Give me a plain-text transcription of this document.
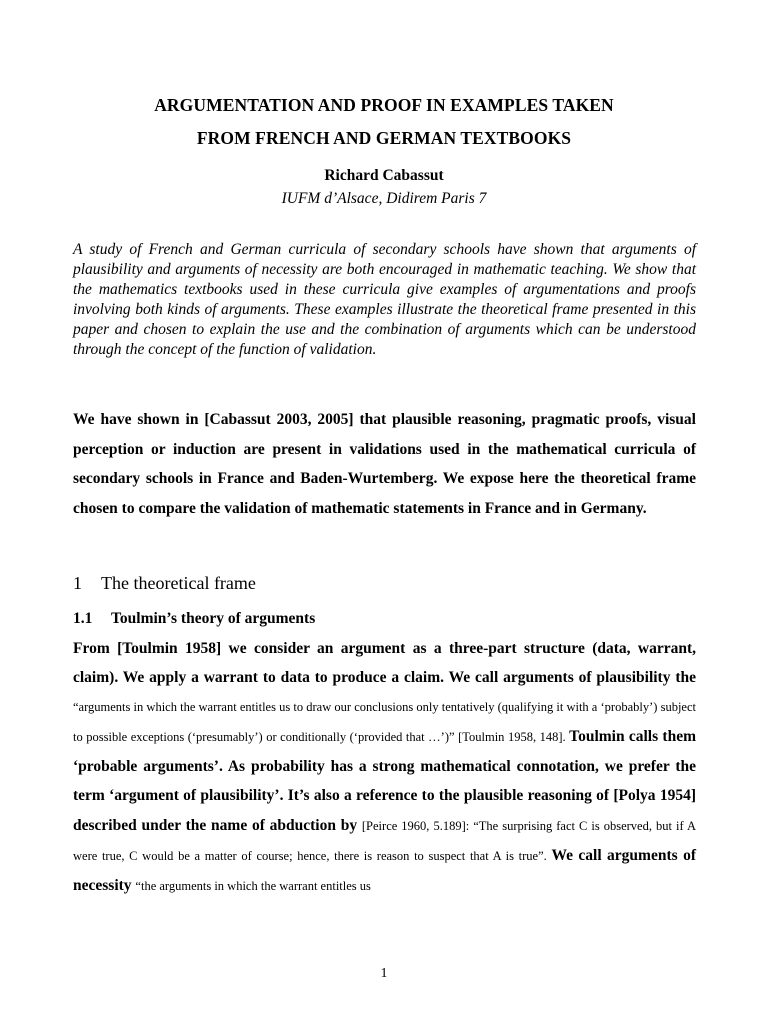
ARGUMENTATION AND PROOF IN EXAMPLES TAKEN
FROM FRENCH AND GERMAN TEXTBOOKS
Richard Cabassut
IUFM d’Alsace, Didirem Paris 7
A study of French and German curricula of secondary schools have shown that arguments of plausibility and arguments of necessity are both encouraged in mathematic teaching. We show that the mathematics textbooks used in these curricula give examples of argumentations and proofs involving both kinds of arguments. These examples illustrate the theoretical frame presented in this paper and chosen to explain the use and the combination of arguments which can be understood through the concept of the function of validation.
We have shown in [Cabassut 2003, 2005] that plausible reasoning, pragmatic proofs, visual perception or induction are present in validations used in the mathematical curricula of secondary schools in France and Baden-Wurtemberg. We expose here the theoretical frame chosen to compare the validation of mathematic statements in France and in Germany.
1 The theoretical frame
1.1 Toulmin’s theory of arguments
From [Toulmin 1958] we consider an argument as a three-part structure (data, warrant, claim). We apply a warrant to data to produce a claim. We call arguments of plausibility the “arguments in which the warrant entitles us to draw our conclusions only tentatively (qualifying it with a ‘probably’) subject to possible exceptions (‘presumably’) or conditionally (‘provided that …’)” [Toulmin 1958, 148]. Toulmin calls them ‘probable arguments’. As probability has a strong mathematical connotation, we prefer the term ‘argument of plausibility’. It’s also a reference to the plausible reasoning of [Polya 1954] described under the name of abduction by [Peirce 1960, 5.189]: “The surprising fact C is observed, but if A were true, C would be a matter of course; hence, there is reason to suspect that A is true”. We call arguments of necessity “the arguments in which the warrant entitles us
1
